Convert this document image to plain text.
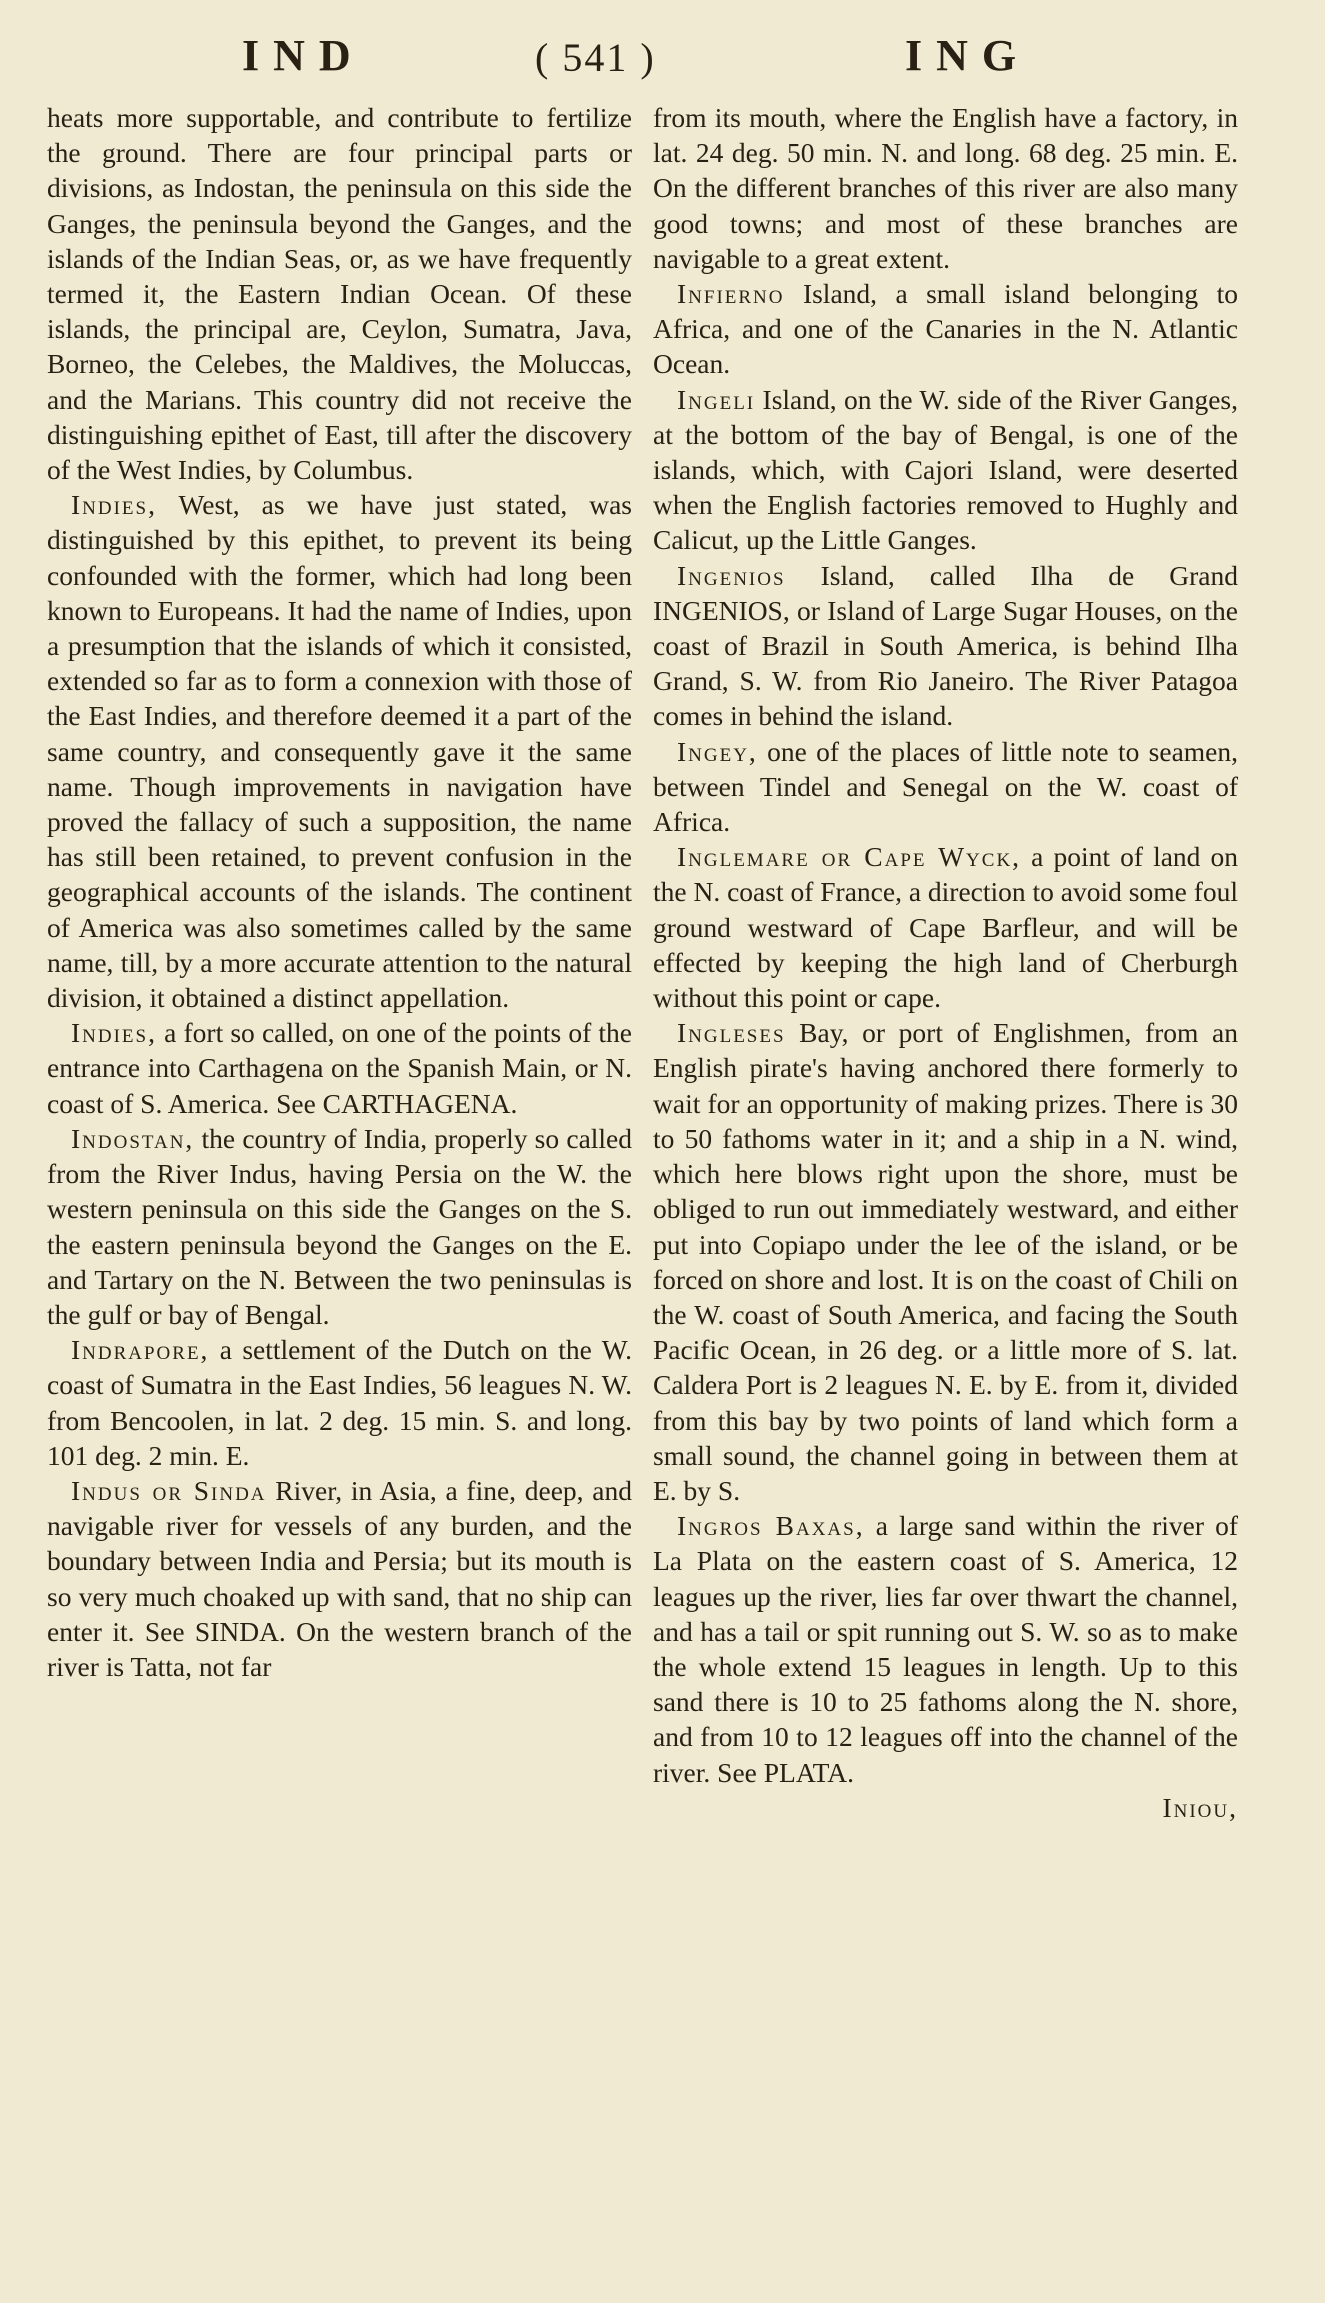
IND	( 541 )	ING

heats more supportable, and contribute to fertilize the ground. There are four principal parts or divisions, as Indostan, the peninsula on this side the Ganges, the peninsula beyond the Ganges, and the islands of the Indian Seas, or, as we have frequently termed it, the Eastern Indian Ocean. Of these islands, the principal are, Ceylon, Sumatra, Java, Borneo, the Celebes, the Maldives, the Moluccas, and the Marians. This country did not receive the distinguishing epithet of East, till after the discovery of the West Indies, by Columbus.

Indies, West, as we have just stated, was distinguished by this epithet, to prevent its being confounded with the former, which had long been known to Europeans. It had the name of Indies, upon a presumption that the islands of which it consisted, extended so far as to form a connexion with those of the East Indies, and therefore deemed it a part of the same country, and consequently gave it the same name. Though improvements in navigation have proved the fallacy of such a supposition, the name has still been retained, to prevent confusion in the geographical accounts of the islands. The continent of America was also sometimes called by the same name, till, by a more accurate attention to the natural division, it obtained a distinct appellation.

Indies, a fort so called, on one of the points of the entrance into Carthagena on the Spanish Main, or N. coast of S. America. See CARTHAGENA.

Indostan, the country of India, properly so called from the River Indus, having Persia on the W. the western peninsula on this side the Ganges on the S. the eastern peninsula beyond the Ganges on the E. and Tartary on the N. Between the two peninsulas is the gulf or bay of Bengal.

Indrapore, a settlement of the Dutch on the W. coast of Sumatra in the East Indies, 56 leagues N. W. from Bencoolen, in lat. 2 deg. 15 min. S. and long. 101 deg. 2 min. E.

Indus or Sinda River, in Asia, a fine, deep, and navigable river for vessels of any burden, and the boundary between India and Persia; but its mouth is so very much choaked up with sand, that no ship can enter it. See SINDA. On the western branch of the river is Tatta, not far

from its mouth, where the English have a factory, in lat. 24 deg. 50 min. N. and long. 68 deg. 25 min. E. On the different branches of this river are also many good towns; and most of these branches are navigable to a great extent.

Infierno Island, a small island belonging to Africa, and one of the Canaries in the N. Atlantic Ocean.

Ingeli Island, on the W. side of the River Ganges, at the bottom of the bay of Bengal, is one of the islands, which, with Cajori Island, were deserted when the English factories removed to Hughly and Calicut, up the Little Ganges.

Ingenios Island, called Ilha de Grand INGENIOS, or Island of Large Sugar Houses, on the coast of Brazil in South America, is behind Ilha Grand, S. W. from Rio Janeiro. The River Patagoa comes in behind the island.

Ingey, one of the places of little note to seamen, between Tindel and Senegal on the W. coast of Africa.

Inglemare or Cape Wyck, a point of land on the N. coast of France, a direction to avoid some foul ground westward of Cape Barfleur, and will be effected by keeping the high land of Cherburgh without this point or cape.

Ingleses Bay, or port of Englishmen, from an English pirate's having anchored there formerly to wait for an opportunity of making prizes. There is 30 to 50 fathoms water in it; and a ship in a N. wind, which here blows right upon the shore, must be obliged to run out immediately westward, and either put into Copiapo under the lee of the island, or be forced on shore and lost. It is on the coast of Chili on the W. coast of South America, and facing the South Pacific Ocean, in 26 deg. or a little more of S. lat. Caldera Port is 2 leagues N. E. by E. from it, divided from this bay by two points of land which form a small sound, the channel going in between them at E. by S.

Ingros Baxas, a large sand within the river of La Plata on the eastern coast of S. America, 12 leagues up the river, lies far over thwart the channel, and has a tail or spit running out S. W. so as to make the whole extend 15 leagues in length. Up to this sand there is 10 to 25 fathoms along the N. shore, and from 10 to 12 leagues off into the channel of the river. See PLATA.

Iniou,
